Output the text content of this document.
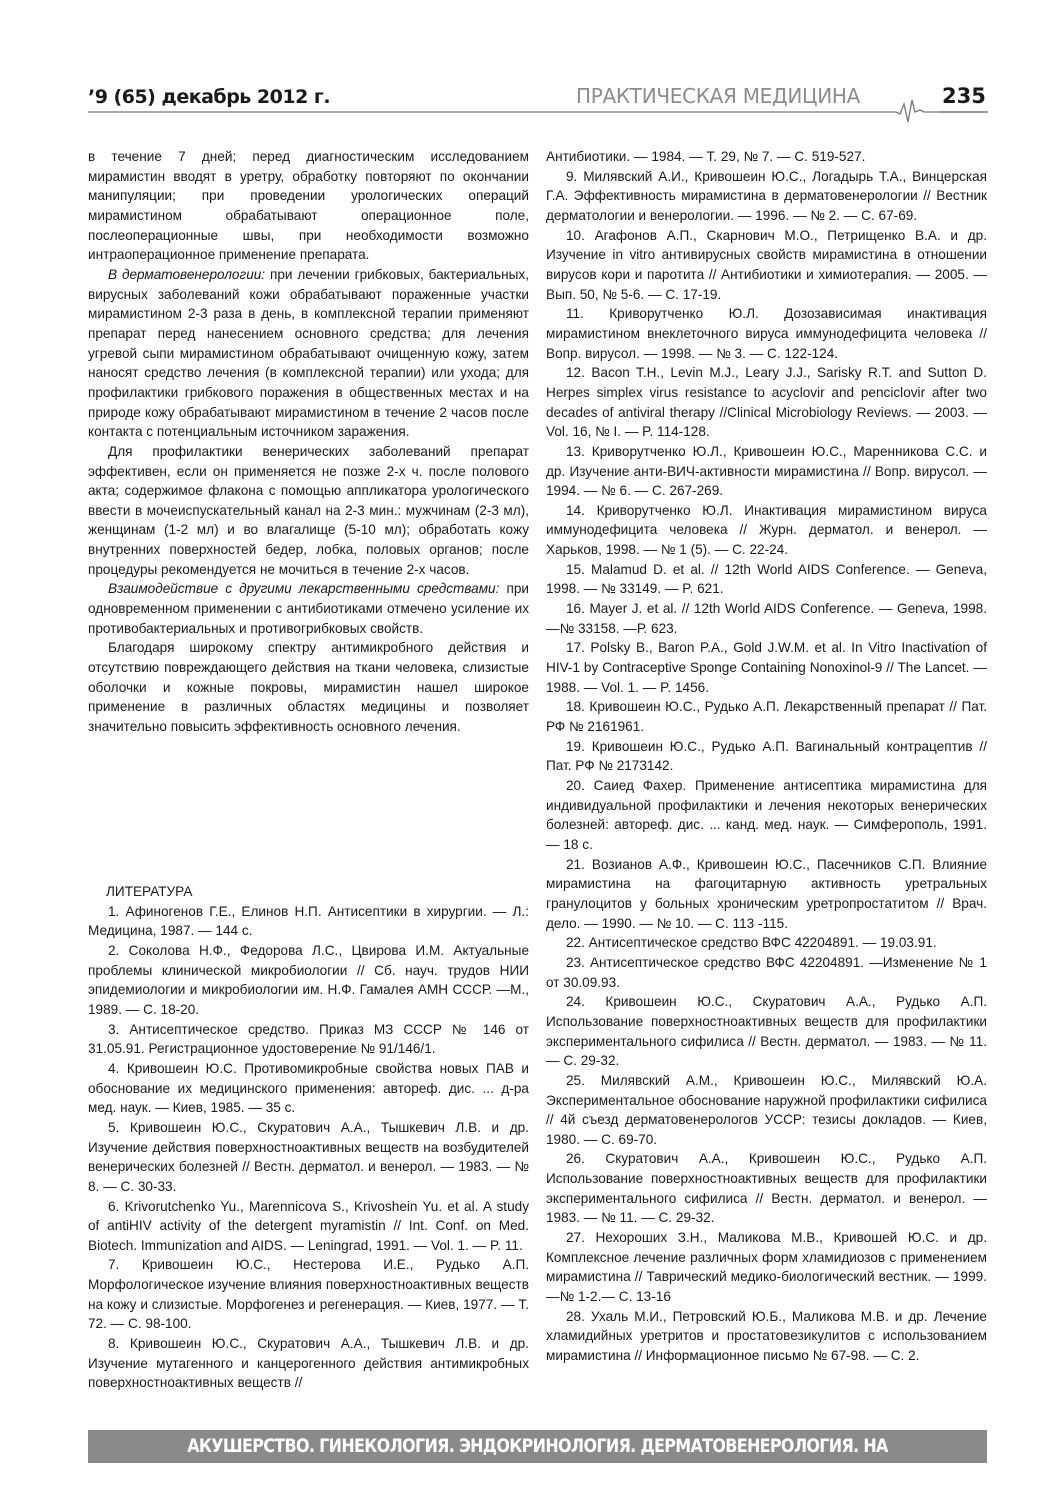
’9 (65) декабрь 2012 г.	ПРАКТИЧЕСКАЯ МЕДИЦИНА	235

в течение 7 дней; перед диагностическим исследованием мирамистин вводят в уретру, обработку повторяют по окончании манипуляции; при проведении урологических операций мирамистином обрабатывают операционное поле, послеоперационные швы, при необходимости возможно интраоперационное применение препарата.

В дерматовенерологии: при лечении грибковых, бактериальных, вирусных заболеваний кожи обрабатывают пораженные участки мирамистином 2-3 раза в день, в комплексной терапии применяют препарат перед нанесением основного средства; для лечения угревой сыпи мирамистином обрабатывают очищенную кожу, затем наносят средство лечения (в комплексной терапии) или ухода; для профилактики грибкового поражения в общественных местах и на природе кожу обрабатывают мирамистином в течение 2 часов после контакта с потенциальным источником заражения.

Для профилактики венерических заболеваний препарат эффективен, если он применяется не позже 2-х ч. после полового акта; содержимое флакона с помощью аппликатора урологического ввести в мочеиспускательный канал на 2-3 мин.: мужчинам (2-3 мл), женщинам (1-2 мл) и во влагалище (5-10 мл); обработать кожу внутренних поверхностей бедер, лобка, половых органов; после процедуры рекомендуется не мочиться в течение 2-х часов.

Взаимодействие с другими лекарственными средствами: при одновременном применении с антибиотиками отмечено усиление их противобактериальных и противогрибковых свойств.

Благодаря широкому спектру антимикробного действия и отсутствию повреждающего действия на ткани человека, слизистые оболочки и кожные покровы, мирамистин нашел широкое применение в различных областях медицины и позволяет значительно повысить эффективность основного лечения.

ЛИТЕРАТУРА

1. Афиногенов Г.Е., Елинов Н.П. Антисептики в хирургии. — Л.: Медицина, 1987. — 144 с.

2. Соколова Н.Ф., Федорова Л.С., Цвирова И.М. Актуальные проблемы клинической микробиологии // Сб. науч. трудов НИИ эпидемиологии и микробиологии им. Н.Ф. Гамалея АМН СССР. —М., 1989. — С. 18-20.

3. Антисептическое средство. Приказ МЗ СССР № 146 от 31.05.91. Регистрационное удостоверение № 91/146/1.

4. Кривошеин Ю.С. Противомикробные свойства новых ПАВ и обоснование их медицинского применения: автореф. дис. ... д-ра мед. наук. — Киев, 1985. — 35 с.

5. Кривошеин Ю.С., Скуратович А.А., Тышкевич Л.В. и др. Изучение действия поверхностноактивных веществ на возбудителей венерических болезней // Вестн. дерматол. и венерол. — 1983. — № 8. — С. 30-33.

6. Krivorutchenko Yu., Marennicova S., Krivoshein Yu. et al. A study of antiHIV activity of the detergent myramistin // Int. Conf. on Med. Biotech. Immunization and AIDS. — Leningrad, 1991. — Vol. 1. — P. 11.

7. Кривошеин Ю.С., Нестерова И.Е., Рудько А.П. Морфологическое изучение влияния поверхностноактивных веществ на кожу и слизистые. Морфогенез и регенерация. — Киев, 1977. — Т. 72. — С. 98-100.

8. Кривошеин Ю.С., Скуратович А.А., Тышкевич Л.В. и др. Изучение мутагенного и канцерогенного действия антимикробных поверхностноактивных веществ //

Антибиотики. — 1984. — Т. 29, № 7. — С. 519-527.

9. Милявский А.И., Кривошеин Ю.С., Логадырь Т.А., Винцерская Г.А. Эффективность мирамистина в дерматовенерологии // Вестник дерматологии и венерологии. — 1996. — № 2. — С. 67-69.

10. Агафонов А.П., Скарнович М.О., Петрищенко В.А. и др. Изучение in vitro антивирусных свойств мирамистина в отношении вирусов кори и паротита // Антибиотики и химиотерапия. — 2005. — Вып. 50, № 5-6. — С. 17-19.

11. Криворутченко Ю.Л. Дозозависимая инактивация мирамистином внеклеточного вируса иммунодефицита человека // Вопр. вирусол. — 1998. — № 3. — С. 122-124.

12. Bacon T.H., Levin M.J., Leary J.J., Sarisky R.T. and Sutton D. Herpes simplex virus resistance to acyclovir and penciclovir after two decades of antiviral therapy //Clinical Microbiology Reviews. — 2003. — Vol. 16, № I. — P. 114-128.

13. Криворутченко Ю.Л., Кривошеин Ю.С., Маренникова С.С. и др. Изучение анти-ВИЧ-активности мирамистина // Вопр. вирусол. — 1994. — № 6. — С. 267-269.

14. Криворутченко Ю.Л. Инактивация мирамистином вируса иммунодефицита человека // Журн. дерматол. и венерол. — Харьков, 1998. — № 1 (5). — С. 22-24.

15. Malamud D. et al. // 12th World AIDS Conference. — Geneva, 1998. — № 33149. — P. 621.

16. Mayer J. et al. // 12th World AIDS Conference. — Geneva, 1998. —№ 33158. —Р. 623.

17. Polsky B., Baron P.A., Gold J.W.M. et al. In Vitro Inactivation of HIV-1 by Contraceptive Sponge Containing Nonoxinol-9 // The Lancet. — 1988. — Vol. 1. — P. 1456.

18. Кривошеин Ю.С., Рудько А.П. Лекарственный препарат // Пат. РФ № 2161961.

19. Кривошеин Ю.С., Рудько А.П. Вагинальный контрацептив // Пат. РФ № 2173142.

20. Саиед Фахер. Применение антисептика мирамистина для индивидуальной профилактики и лечения некоторых венерических болезней: автореф. дис. ... канд. мед. наук. — Симферополь, 1991. — 18 с.

21. Возианов А.Ф., Кривошеин Ю.С., Пасечников С.П. Влияние мирамистина на фагоцитарную активность уретральных гранулоцитов у больных хроническим уретропростатитом // Врач. дело. — 1990. — № 10. — С. 113 -115.

22. Антисептическое средство ВФС 42204891. — 19.03.91.

23. Антисептическое средство ВФС 42204891. —Изменение № 1 от 30.09.93.

24. Кривошеин Ю.С., Скуратович А.А., Рудько А.П. Использование поверхностноактивных веществ для профилактики экспериментального сифилиса // Вестн. дерматол. — 1983. — № 11. — С. 29-32.

25. Милявский А.М., Кривошеин Ю.С., Милявский Ю.А. Экспериментальное обоснование наружной профилактики сифилиса // 4й съезд дерматовенерологов УССР: тезисы докладов. — Киев, 1980. — С. 69-70.

26. Скуратович А.А., Кривошеин Ю.С., Рудько А.П. Использование поверхностноактивных веществ для профилактики экспериментального сифилиса // Вестн. дерматол. и венерол. — 1983. — № 11. — С. 29-32.

27. Нехороших З.Н., Маликова М.В., Кривошей Ю.С. и др. Комплексное лечение различных форм хламидиозов с применением мирамистина // Таврический медико-биологический вестник. — 1999. —№ 1-2.— С. 13-16

28. Ухаль М.И., Петровский Ю.Б., Маликова М.В. и др. Лечение хламидийных уретритов и простатовезикулитов с использованием мирамистина // Информационное письмо № 67-98. — С. 2.

АКУШЕРСТВО. ГИНЕКОЛОГИЯ. ЭНДОКРИНОЛОГИЯ. ДЕРМАТОВЕНЕРОЛОГИЯ. НА ПРАВАХ РЕКЛАМЫ
